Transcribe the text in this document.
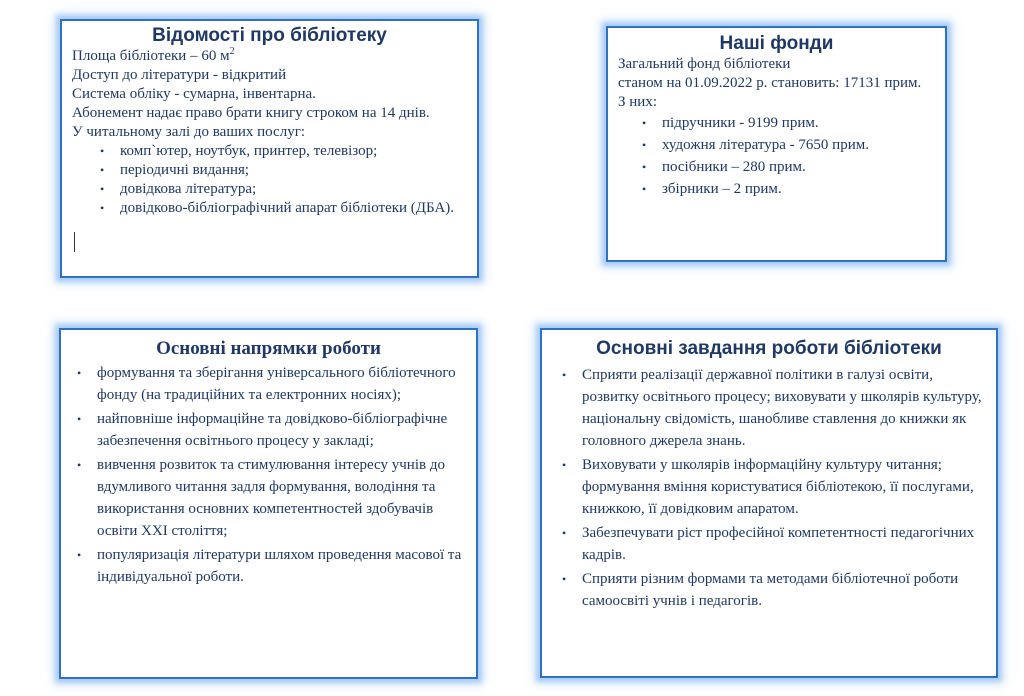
Відомості про бібліотеку

Площа бібліотеки – 60 $м^2$

Доступ до літератури - відкритий

Система обліку - сумарна, інвентарна.

Абонемент надає право брати книгу строком на 14 днів.

У читальному залі до ваших послуг:

• комп`ютер, ноутбук, принтер, телевізор;
• періодичні видання;
• довідкова література;
• довідково-бібліографічний апарат бібліотеки (ДБА).
Наші фонди

Загальний фонд бібліотеки

станом на 01.09.2022 р. становить: 17131 прим.

З них:

• підручники - 9199 прим.
• художня література - 7650 прим.
• посібники – 280 прим.
• збірники – 2 прим.
Основні напрямки роботи
• формування та зберігання універсального бібліотечного фонду (на традиційних та електронних носіях);
• найповніше інформаційне та довідково-бібліографічне забезпечення освітнього процесу у закладі;
• вивчення розвиток та стимулювання інтересу учнів до вдумливого читання задля формування, володіння та використання основних компетентностей здобувачів освіти ХХІ століття;
• популяризація літератури шляхом проведення масової та індивідуальної роботи.
Основні завдання роботи бібліотеки
• Сприяти реалізації державної політики в галузі освіти, розвитку освітнього процесу; виховувати у школярів культуру, національну свідомість, шанобливе ставлення до книжки як головного джерела знань.
• Виховувати у школярів інформаційну культуру читання; формування вміння користуватися бібліотекою, її послугами, книжкою, її довідковим апаратом.
• Забезпечувати ріст професійної компетентності педагогічних кадрів.
• Сприяти різним формами та методами бібліотечної роботи самоосвіті учнів і педагогів.
